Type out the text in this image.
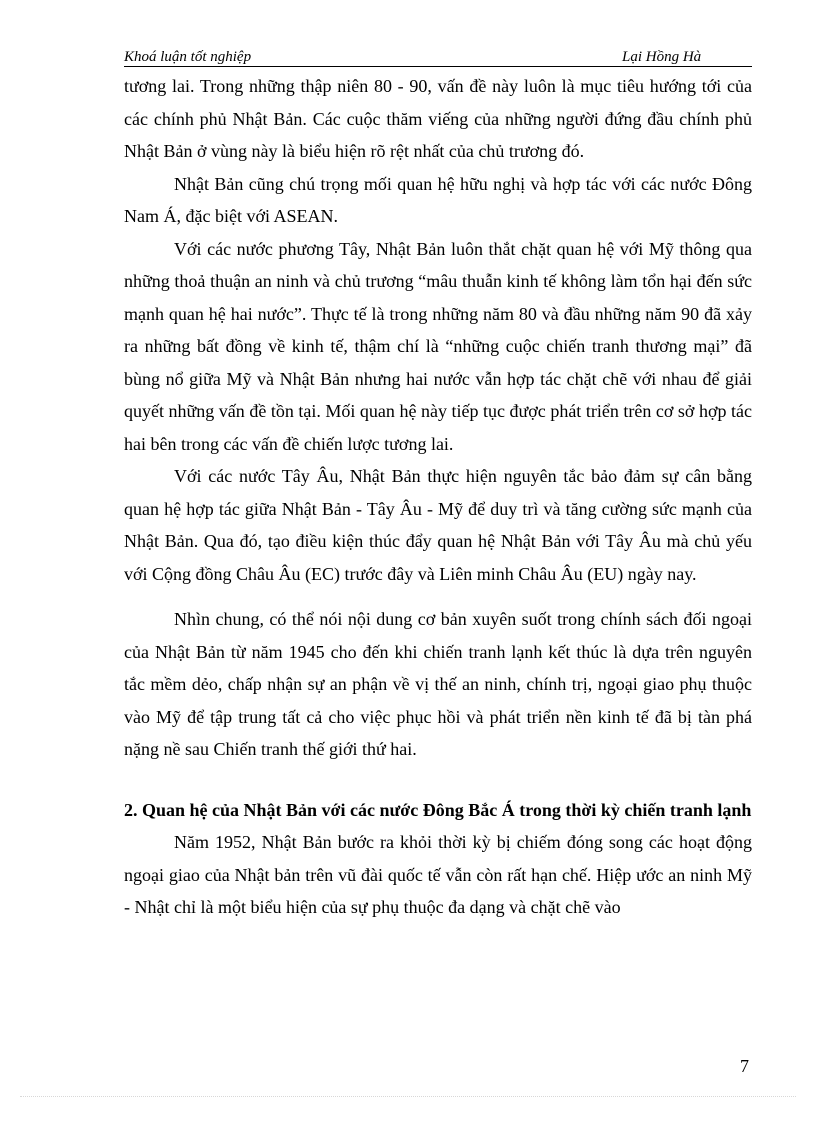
Khoá luận tốt nghiệp	Lại Hồng Hà

tương lai. Trong những thập niên 80 - 90, vấn đề này luôn là mục tiêu hướng tới của các chính phủ Nhật Bản. Các cuộc thăm viếng của những người đứng đầu chính phủ Nhật Bản ở vùng này là biểu hiện rõ rệt nhất của chủ trương đó.

Nhật Bản cũng chú trọng mối quan hệ hữu nghị và hợp tác với các nước Đông Nam Á, đặc biệt với ASEAN.

Với các nước phương Tây, Nhật Bản luôn thắt chặt quan hệ với Mỹ thông qua những thoả thuận an ninh và chủ trương “mâu thuẫn kinh tế không làm tổn hại đến sức mạnh quan hệ hai nước”. Thực tế là trong những năm 80 và đầu những năm 90 đã xảy ra những bất đồng về kinh tế, thậm chí là “những cuộc chiến tranh thương mại” đã bùng nổ giữa Mỹ và Nhật Bản nhưng hai nước vẫn hợp tác chặt chẽ với nhau để giải quyết những vấn đề tồn tại. Mối quan hệ này tiếp tục được phát triển trên cơ sở hợp tác hai bên trong các vấn đề chiến lược tương lai.

Với các nước Tây Âu, Nhật Bản thực hiện nguyên tắc bảo đảm sự cân bằng quan hệ hợp tác giữa Nhật Bản - Tây Âu - Mỹ để duy trì và tăng cường sức mạnh của Nhật Bản. Qua đó, tạo điều kiện thúc đẩy quan hệ Nhật Bản với Tây Âu mà chủ yếu với Cộng đồng Châu Âu (EC) trước đây và Liên minh Châu Âu (EU) ngày nay.

Nhìn chung, có thể nói nội dung cơ bản xuyên suốt trong chính sách đối ngoại của Nhật Bản từ năm 1945 cho đến khi chiến tranh lạnh kết thúc là dựa trên nguyên tắc mềm dẻo, chấp nhận sự an phận về vị thế an ninh, chính trị, ngoại giao phụ thuộc vào Mỹ để tập trung tất cả cho việc phục hồi và phát triển nền kinh tế đã bị tàn phá nặng nề sau Chiến tranh thế giới thứ hai.

2. Quan hệ của Nhật Bản với các nước Đông Bắc Á trong thời kỳ chiến tranh lạnh

Năm 1952, Nhật Bản bước ra khỏi thời kỳ bị chiếm đóng song các hoạt động ngoại giao của Nhật bản trên vũ đài quốc tế vẫn còn rất hạn chế. Hiệp ước an ninh Mỹ - Nhật chỉ là một biểu hiện của sự phụ thuộc đa dạng và chặt chẽ vào

7
